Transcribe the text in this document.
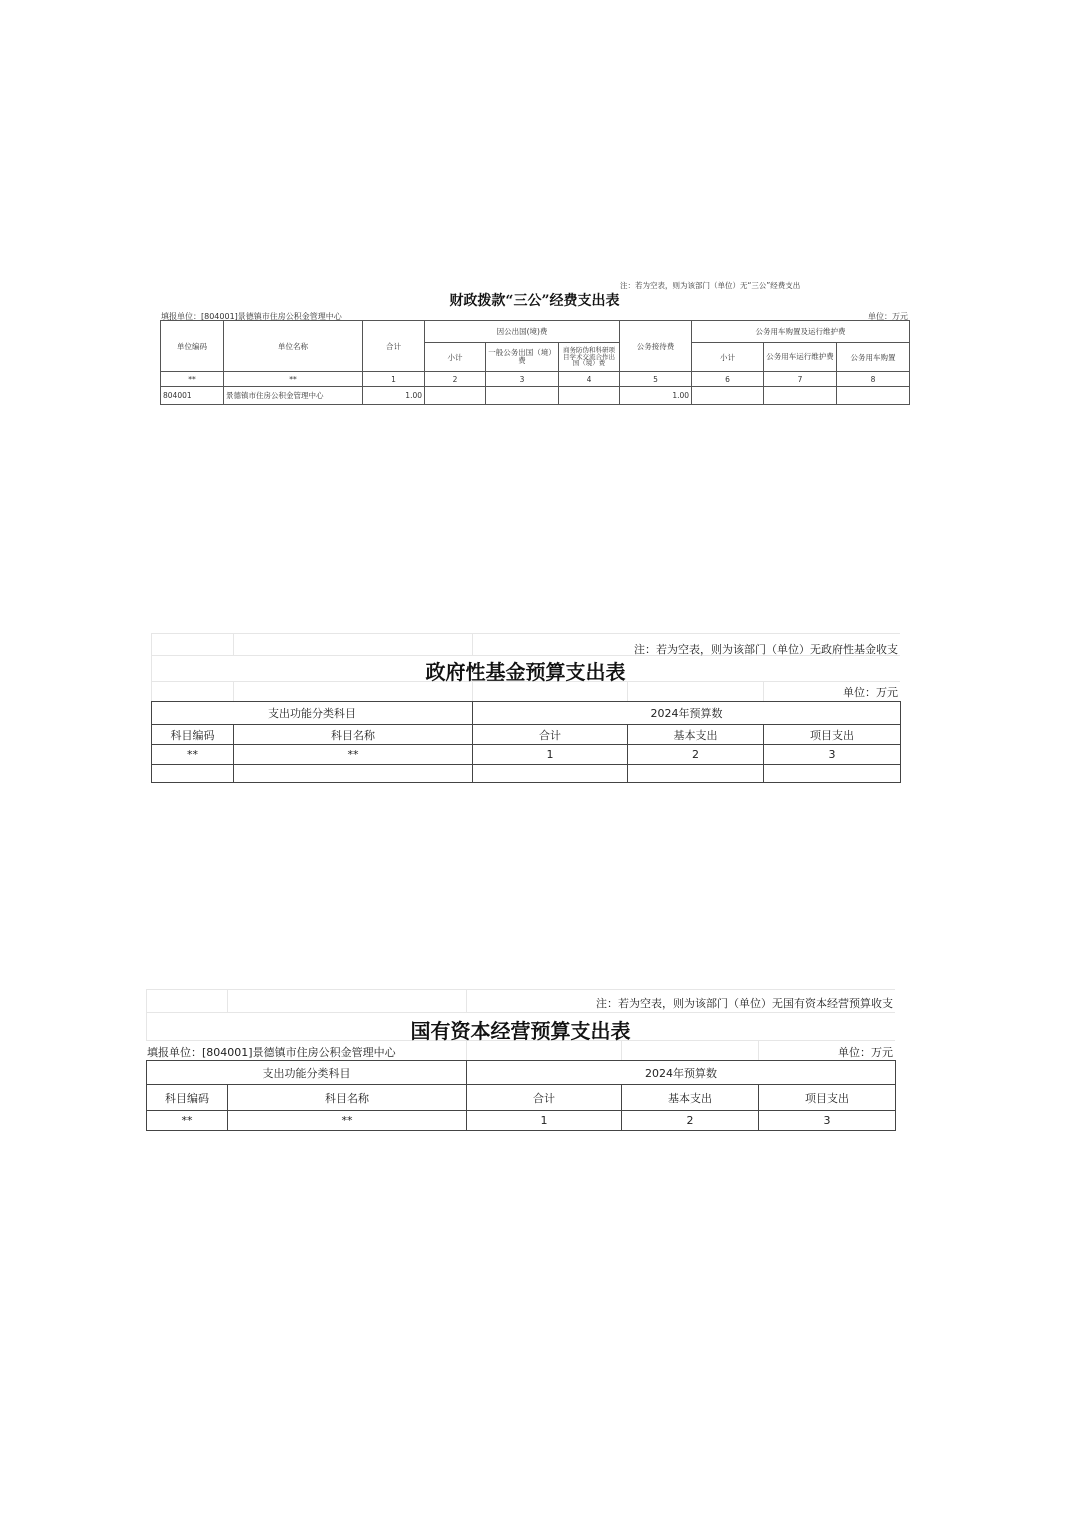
注：若为空表，则为该部门（单位）无“三公”经费支出
财政拨款“三公”经费支出表
填报单位：[804001]景德镇市住房公积金管理中心	单位：万元
单位编码	单位名称	合计	因公出国(境)费			公务接待费	公务用车购置及运行维护费		
			小计	一般公务出国（境）费	商务防伪和科研项目学术交流合作出国（境）费		小计	公务用车运行维护费	公务用车购置
**	**	1	2	3	4	5	6	7	8
804001	景德镇市住房公积金管理中心	1.00				1.00			
注：若为空表，则为该部门（单位）无政府性基金收支
政府性基金预算支出表
单位：万元
支出功能分类科目		2024年预算数		
科目编码	科目名称	合计	基本支出	项目支出
**	**	1	2	3

注：若为空表，则为该部门（单位）无国有资本经营预算收支
国有资本经营预算支出表
填报单位：[804001]景德镇市住房公积金管理中心	单位：万元
支出功能分类科目		2024年预算数		
科目编码	科目名称	合计	基本支出	项目支出
**	**	1	2	3
